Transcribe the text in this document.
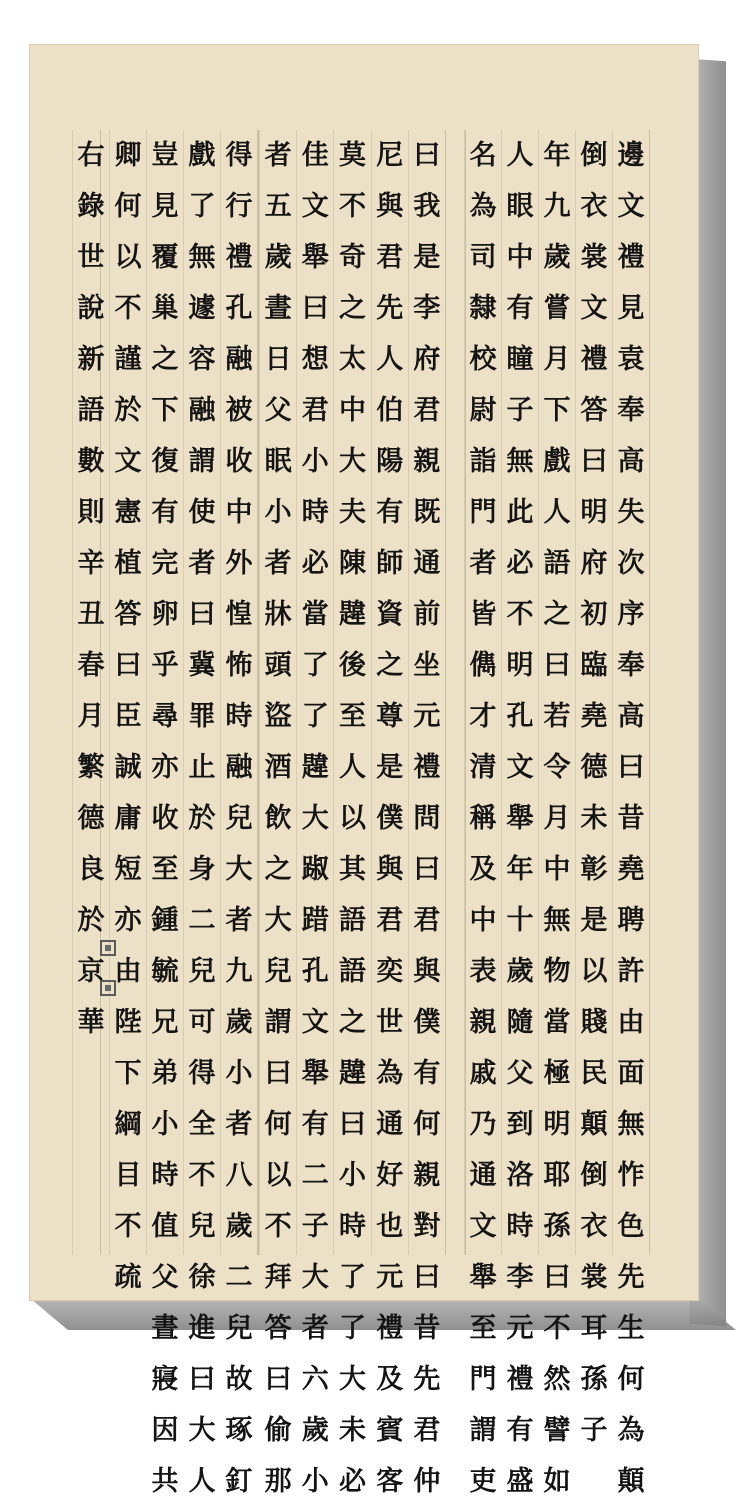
邊
文
禮
見
袁
奉
高
失
次
序
奉
高
曰
昔
堯
聘
許
由
面
無
怍
色
先
生
何
為
顛
倒
衣
裳
文
禮
答
曰
明
府
初
臨
堯
德
未
彰
是
以
賤
民
顛
倒
衣
裳
耳
孫
子
年
九
歲
嘗
月
下
戲
人
語
之
曰
若
令
月
中
無
物
當
極
明
耶
孫
曰
不
然
譬
如
人
眼
中
有
瞳
子
無
此
必
不
明
孔
文
舉
年
十
歲
隨
父
到
洛
時
李
元
禮
有
盛
名
為
司
隸
校
尉
詣
門
者
皆
儁
才
清
稱
及
中
表
親
戚
乃
通
文
舉
至
門
謂
吏
曰
我
是
李
府
君
親
既
通
前
坐
元
禮
問
曰
君
與
僕
有
何
親
對
曰
昔
先
君
仲
尼
與
君
先
人
伯
陽
有
師
資
之
尊
是
僕
與
君
奕
世
為
通
好
也
元
禮
及
賓
客
莫
不
奇
之
太
中
大
夫
陳
韙
後
至
人
以
其
語
語
之
韙
曰
小
時
了
了
大
未
必
佳
文
舉
曰
想
君
小
時
必
當
了
了
韙
大
踧
踖
孔
文
舉
有
二
子
大
者
六
歲
小
者
五
歲
晝
日
父
眠
小
者
牀
頭
盜
酒
飲
之
大
兒
謂
曰
何
以
不
拜
答
曰
偷
那
得
行
禮
孔
融
被
收
中
外
惶
怖
時
融
兒
大
者
九
歲
小
者
八
歲
二
兒
故
琢
釘
戲
了
無
遽
容
融
謂
使
者
曰
冀
罪
止
於
身
二
兒
可
得
全
不
兒
徐
進
曰
大
人
豈
見
覆
巢
之
下
復
有
完
卵
乎
尋
亦
收
至
鍾
毓
兄
弟
小
時
值
父
晝
寢
因
共
卿
何
以
不
謹
於
文
憲
植
答
曰
臣
誠
庸
短
亦
由
陛
下
綱
目
不
疏
右
錄
世
說
新
語
數
則
辛
丑
春
月
繁
德
良
於
京
華
